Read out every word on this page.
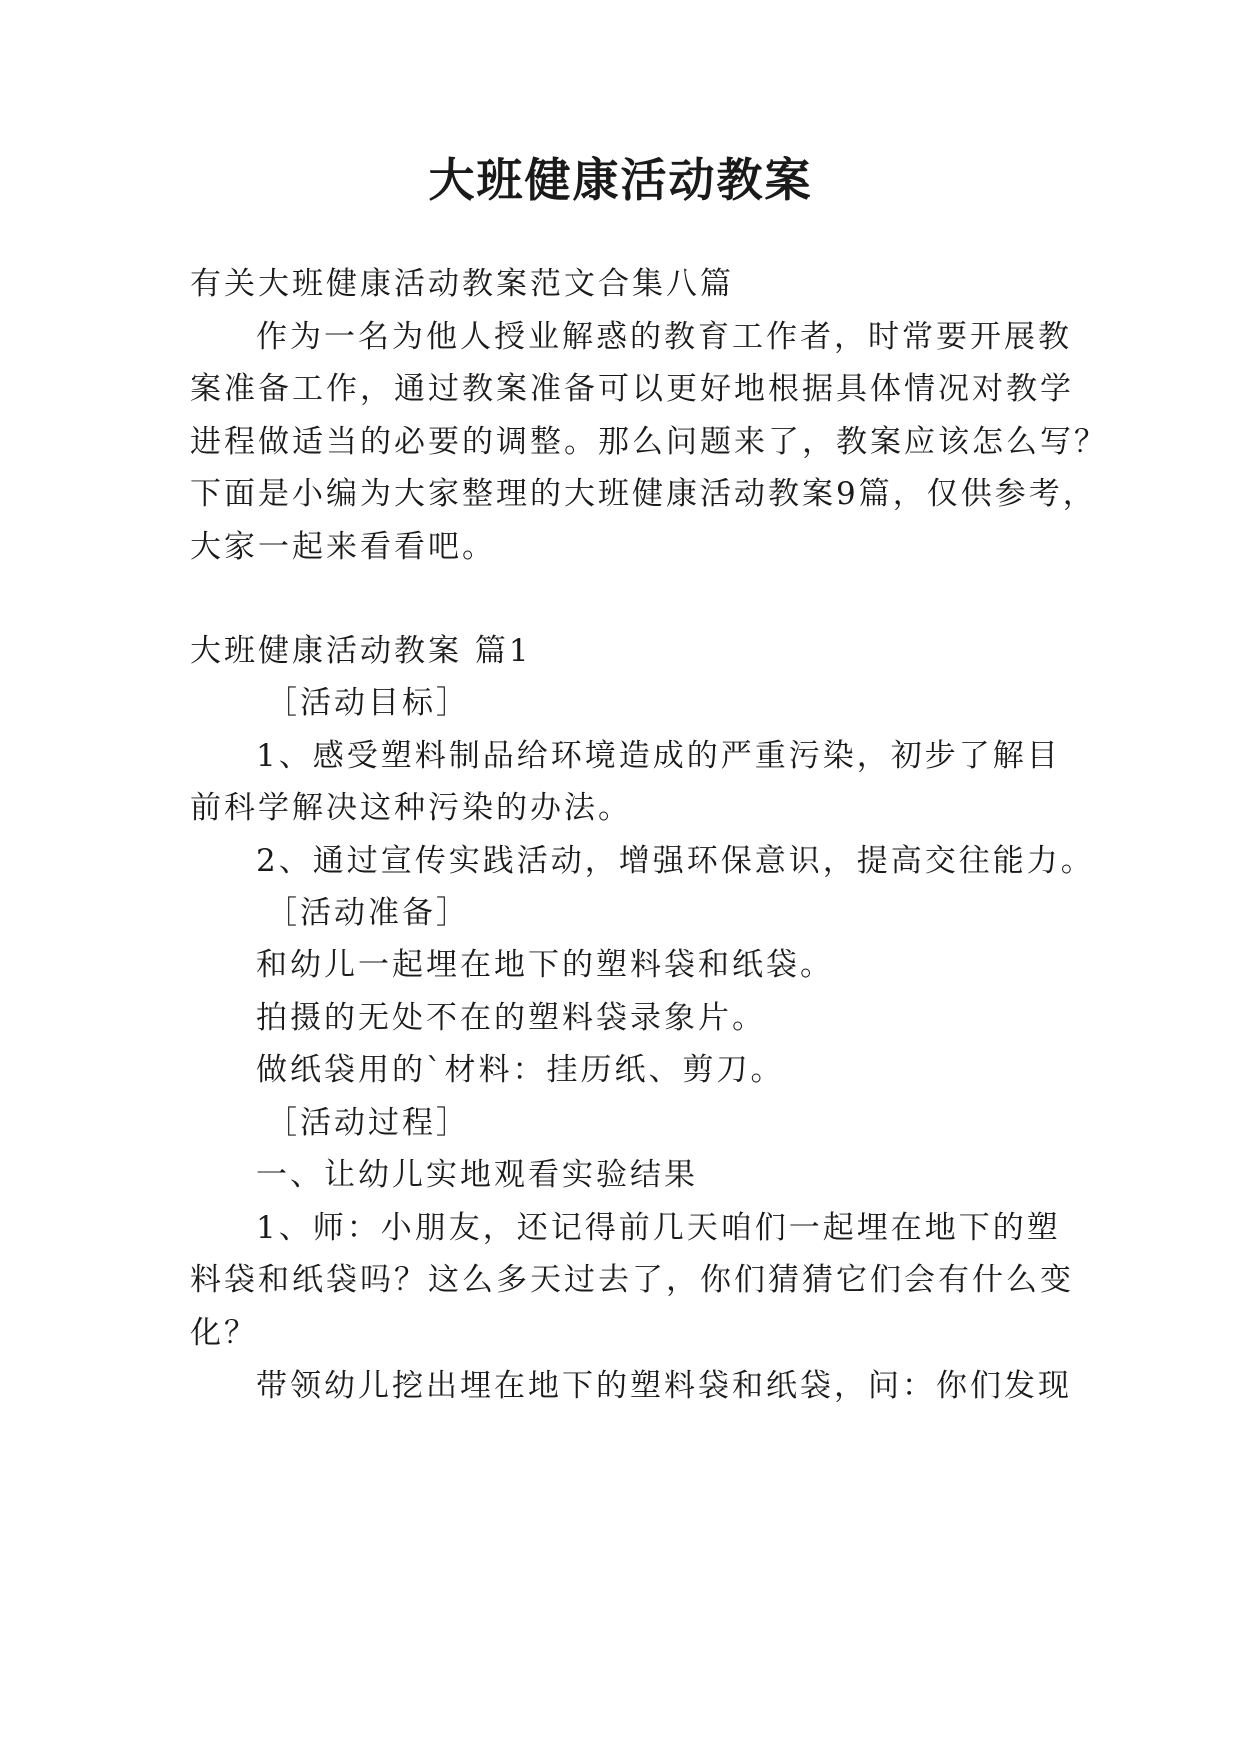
大班健康活动教案
有关大班健康活动教案范文合集八篇
作为一名为他人授业解惑的教育工作者，时常要开展教
案准备工作，通过教案准备可以更好地根据具体情况对教学
进程做适当的必要的调整。那么问题来了，教案应该怎么写？
下面是小编为大家整理的大班健康活动教案9篇，仅供参考，
大家一起来看看吧。
大班健康活动教案 篇1
［活动目标］
1、感受塑料制品给环境造成的严重污染，初步了解目
前科学解决这种污染的办法。
2、通过宣传实践活动，增强环保意识，提高交往能力。
［活动准备］
和幼儿一起埋在地下的塑料袋和纸袋。
拍摄的无处不在的塑料袋录象片。
做纸袋用的`材料：挂历纸、剪刀。
［活动过程］
一、让幼儿实地观看实验结果
1、师：小朋友，还记得前几天咱们一起埋在地下的塑
料袋和纸袋吗？这么多天过去了，你们猜猜它们会有什么变
化？
带领幼儿挖出埋在地下的塑料袋和纸袋，问：你们发现
